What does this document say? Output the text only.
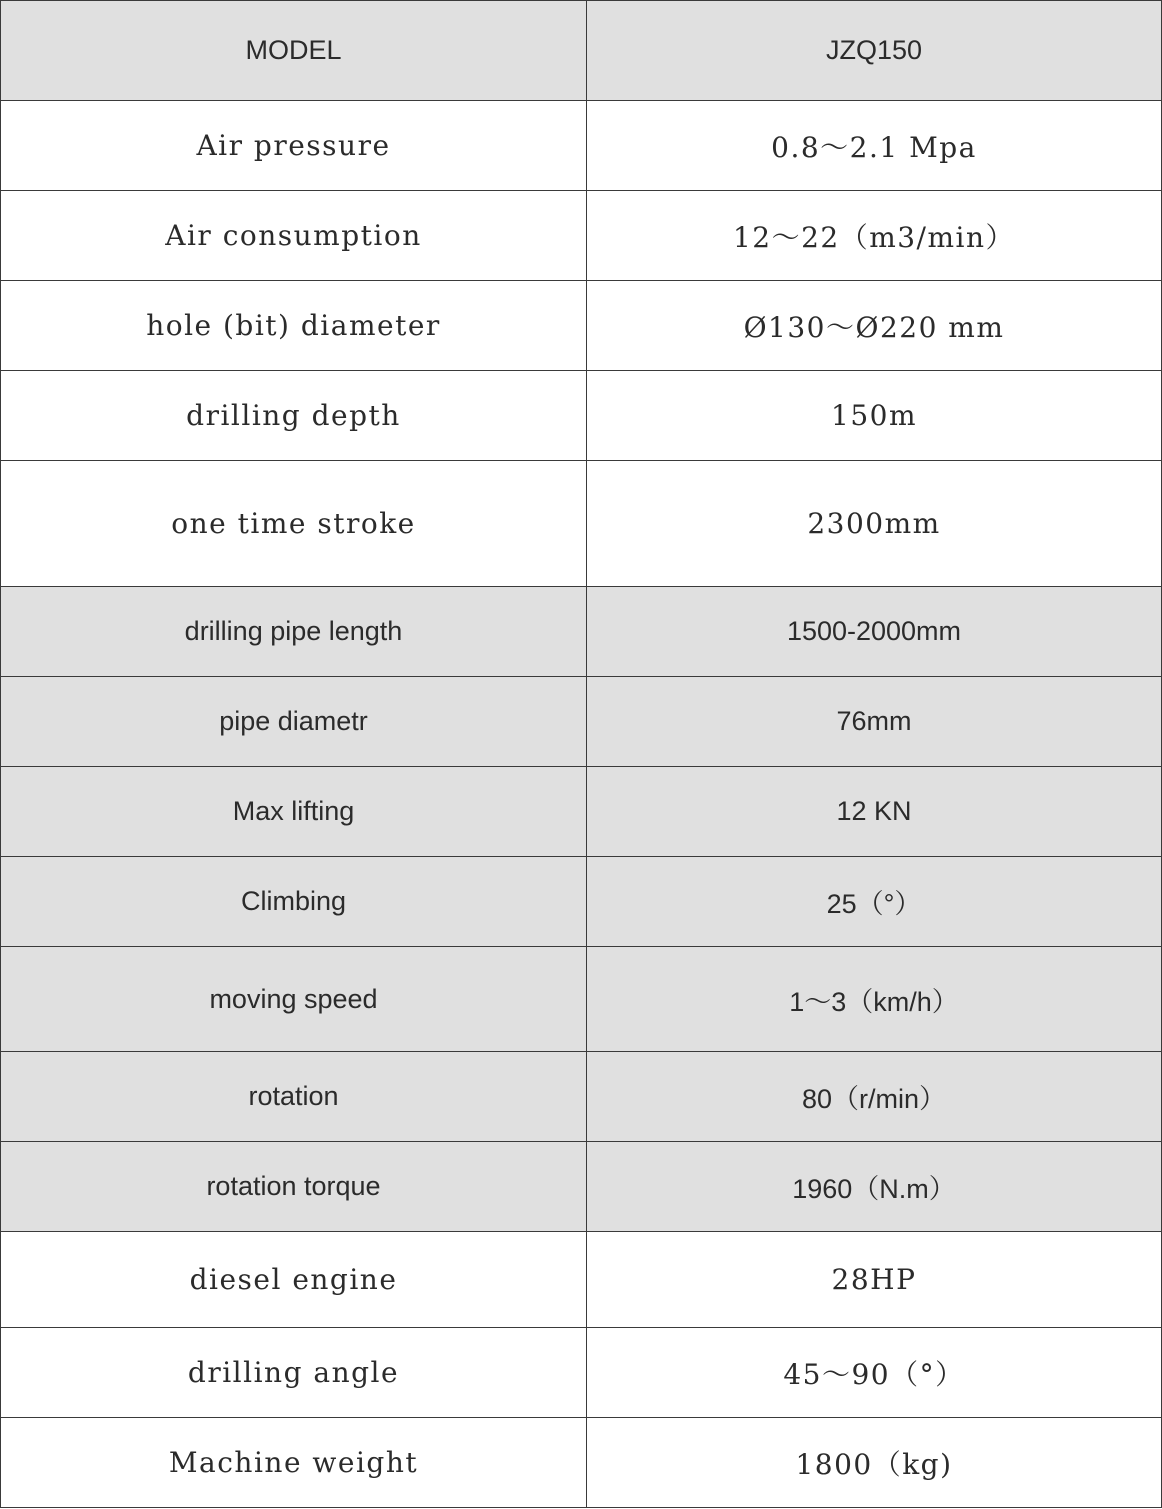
MODEL	JZQ150
Air pressure	0.8～2.1 Mpa
Air consumption	12～22（m3/min）
hole (bit) diameter	Ø130～Ø220 mm
drilling depth	150m
one time stroke	2300mm
drilling pipe length	1500-2000mm
pipe diametr	76mm
Max lifting	12 KN
Climbing	25（°）
moving speed	1～3（km/h）
rotation	80（r/min）
rotation torque	1960（N.m）
diesel engine	28HP
drilling angle	45～90（°）
Machine weight	1800（kg)
